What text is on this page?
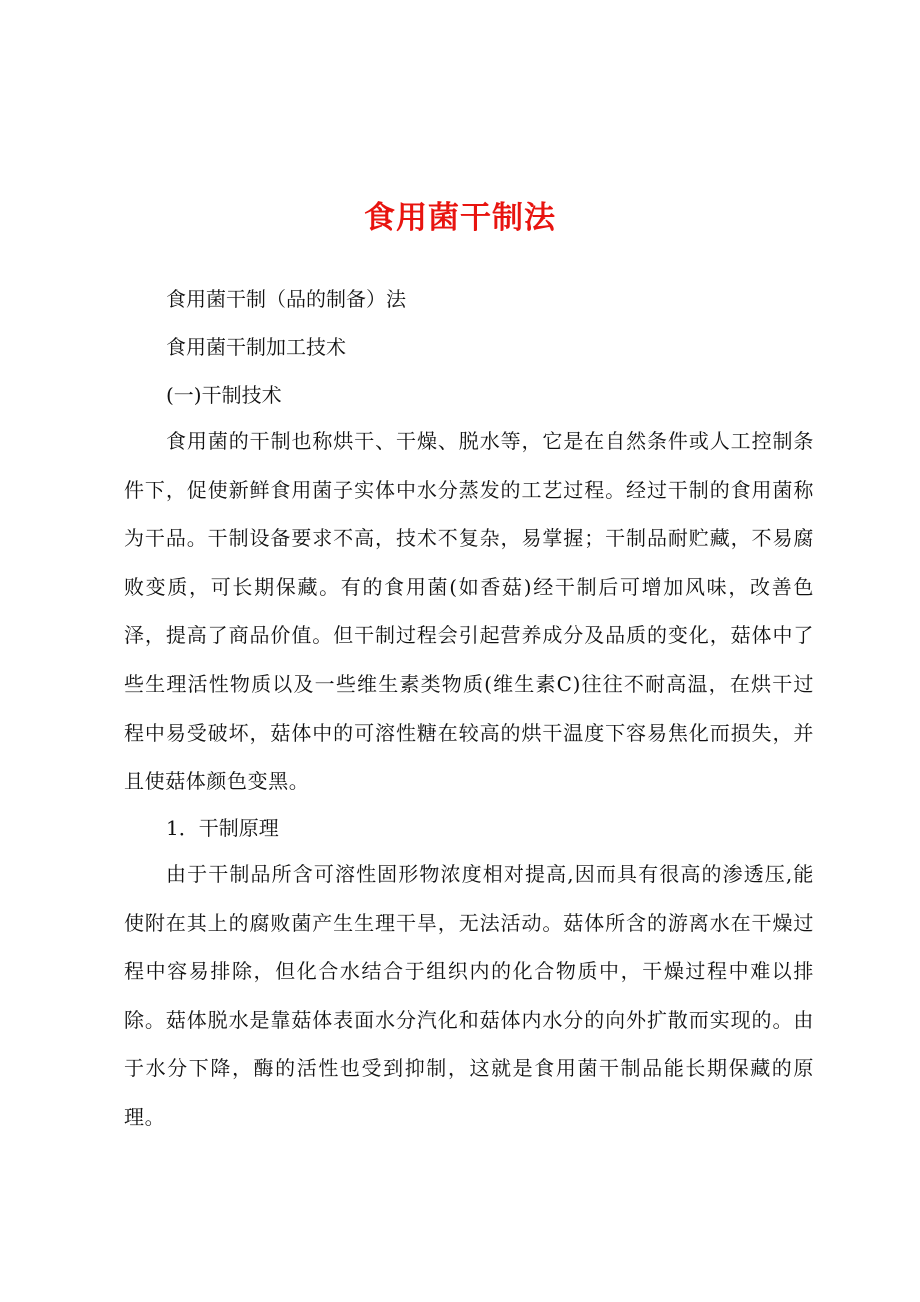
食用菌干制法
食用菌干制（品的制备）法
食用菌干制加工技术
(一)干制技术
食用菌的干制也称烘干、干燥、脱水等，它是在自然条件或人工控制条件下，促使新鲜食用菌子实体中水分蒸发的工艺过程。经过干制的食用菌称为干品。干制设备要求不高，技术不复杂，易掌握；干制品耐贮藏，不易腐败变质，可长期保藏。有的食用菌(如香菇)经干制后可增加风味，改善色泽，提高了商品价值。但干制过程会引起营养成分及品质的变化，菇体中了些生理活性物质以及一些维生素类物质(维生素C)往往不耐高温，在烘干过程中易受破坏，菇体中的可溶性糖在较高的烘干温度下容易焦化而损失，并且使菇体颜色变黑。
1．干制原理
由于干制品所含可溶性固形物浓度相对提高,因而具有很高的渗透压,能使附在其上的腐败菌产生生理干旱，无法活动。菇体所含的游离水在干燥过程中容易排除，但化合水结合于组织内的化合物质中，干燥过程中难以排除。菇体脱水是靠菇体表面水分汽化和菇体内水分的向外扩散而实现的。由于水分下降，酶的活性也受到抑制，这就是食用菌干制品能长期保藏的原理。
